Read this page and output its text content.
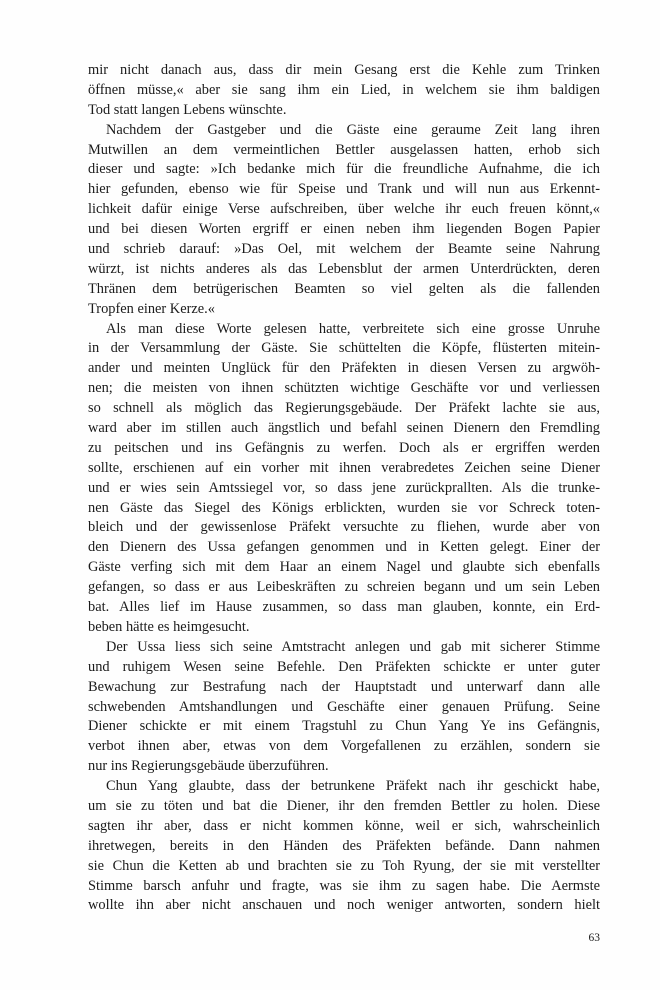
mir nicht danach aus, dass dir mein Gesang erst die Kehle zum Trinken
öffnen müsse,« aber sie sang ihm ein Lied, in welchem sie ihm baldigen
Tod statt langen Lebens wünschte.
Nachdem der Gastgeber und die Gäste eine geraume Zeit lang ihren
Mutwillen an dem vermeintlichen Bettler ausgelassen hatten, erhob sich
dieser und sagte: »Ich bedanke mich für die freundliche Aufnahme, die ich
hier gefunden, ebenso wie für Speise und Trank und will nun aus Erkennt-
lichkeit dafür einige Verse aufschreiben, über welche ihr euch freuen könnt,«
und bei diesen Worten ergriff er einen neben ihm liegenden Bogen Papier
und schrieb darauf: »Das Oel, mit welchem der Beamte seine Nahrung
würzt, ist nichts anderes als das Lebensblut der armen Unterdrückten, deren
Thränen dem betrügerischen Beamten so viel gelten als die fallenden
Tropfen einer Kerze.«
Als man diese Worte gelesen hatte, verbreitete sich eine grosse Unruhe
in der Versammlung der Gäste. Sie schüttelten die Köpfe, flüsterten mitein-
ander und meinten Unglück für den Präfekten in diesen Versen zu argwöh-
nen; die meisten von ihnen schützten wichtige Geschäfte vor und verliessen
so schnell als möglich das Regierungsgebäude. Der Präfekt lachte sie aus,
ward aber im stillen auch ängstlich und befahl seinen Dienern den Fremdling
zu peitschen und ins Gefängnis zu werfen. Doch als er ergriffen werden
sollte, erschienen auf ein vorher mit ihnen verabredetes Zeichen seine Diener
und er wies sein Amtssiegel vor, so dass jene zurückprallten. Als die trunke-
nen Gäste das Siegel des Königs erblickten, wurden sie vor Schreck toten-
bleich und der gewissenlose Präfekt versuchte zu fliehen, wurde aber von
den Dienern des Ussa gefangen genommen und in Ketten gelegt. Einer der
Gäste verfing sich mit dem Haar an einem Nagel und glaubte sich ebenfalls
gefangen, so dass er aus Leibeskräften zu schreien begann und um sein Leben
bat. Alles lief im Hause zusammen, so dass man glauben, konnte, ein Erd-
beben hätte es heimgesucht.
Der Ussa liess sich seine Amtstracht anlegen und gab mit sicherer Stimme
und ruhigem Wesen seine Befehle. Den Präfekten schickte er unter guter
Bewachung zur Bestrafung nach der Hauptstadt und unterwarf dann alle
schwebenden Amtshandlungen und Geschäfte einer genauen Prüfung. Seine
Diener schickte er mit einem Tragstuhl zu Chun Yang Ye ins Gefängnis,
verbot ihnen aber, etwas von dem Vorgefallenen zu erzählen, sondern sie
nur ins Regierungsgebäude überzuführen.
Chun Yang glaubte, dass der betrunkene Präfekt nach ihr geschickt habe,
um sie zu töten und bat die Diener, ihr den fremden Bettler zu holen. Diese
sagten ihr aber, dass er nicht kommen könne, weil er sich, wahrscheinlich
ihretwegen, bereits in den Händen des Präfekten befände. Dann nahmen
sie Chun die Ketten ab und brachten sie zu Toh Ryung, der sie mit verstellter
Stimme barsch anfuhr und fragte, was sie ihm zu sagen habe. Die Aermste
wollte ihn aber nicht anschauen und noch weniger antworten, sondern hielt
63
